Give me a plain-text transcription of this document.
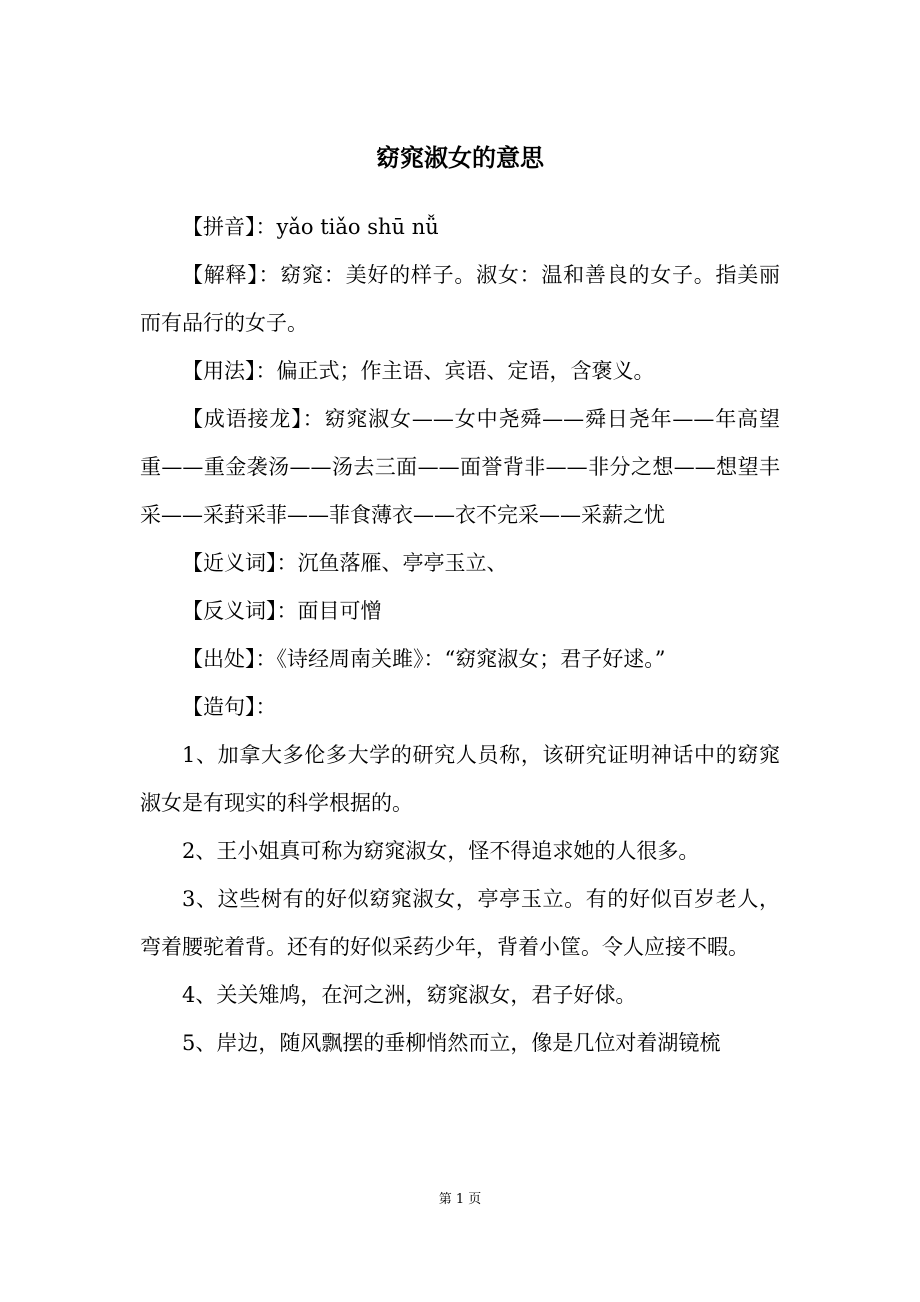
窈窕淑女的意思

【拼音】：yǎo tiǎo shū nǚ

【解释】：窈窕：美好的样子。淑女：温和善良的女子。指美丽而有品行的女子。

【用法】：偏正式；作主语、宾语、定语，含褒义。

【成语接龙】：窈窕淑女——女中尧舜——舜日尧年——年高望重——重金袭汤——汤去三面——面誉背非——非分之想——想望丰采——采葑采菲——菲食薄衣——衣不完采——采薪之忧

【近义词】：沉鱼落雁、亭亭玉立、

【反义词】：面目可憎

【出处】：《诗经周南关雎》：“窈窕淑女；君子好逑。”

【造句】：

1、加拿大多伦多大学的研究人员称，该研究证明神话中的窈窕淑女是有现实的科学根据的。

2、王小姐真可称为窈窕淑女，怪不得追求她的人很多。

3、这些树有的好似窈窕淑女，亭亭玉立。有的好似百岁老人，弯着腰驼着背。还有的好似采药少年，背着小筐。令人应接不暇。

4、关关雉鸠，在河之洲，窈窕淑女，君子好俅。

5、岸边，随风飘摆的垂柳悄然而立，像是几位对着湖镜梳

第 1 页
